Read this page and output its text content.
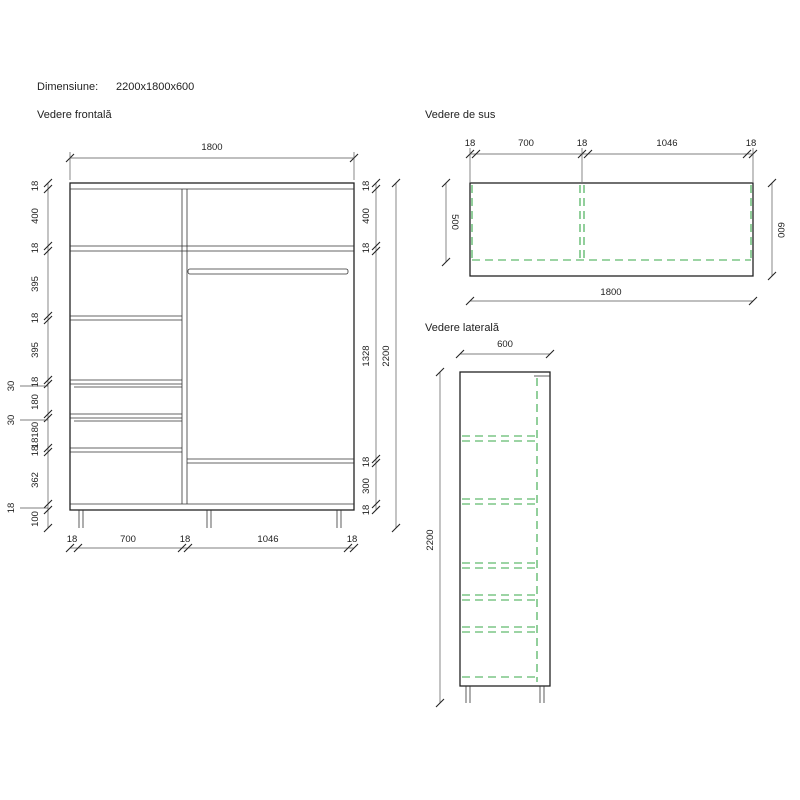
Dimensiune: 2200x1800x600
Vedere frontală
1800
18
400
18
395
18
395
30 18
180
30
18180
18
362
18
100
18
400
18
1328
18
300
18
2200
18	700	18	1046	18
Vedere de sus
18	700	18	1046	18
500
600
1800
Vedere laterală
600
2200
